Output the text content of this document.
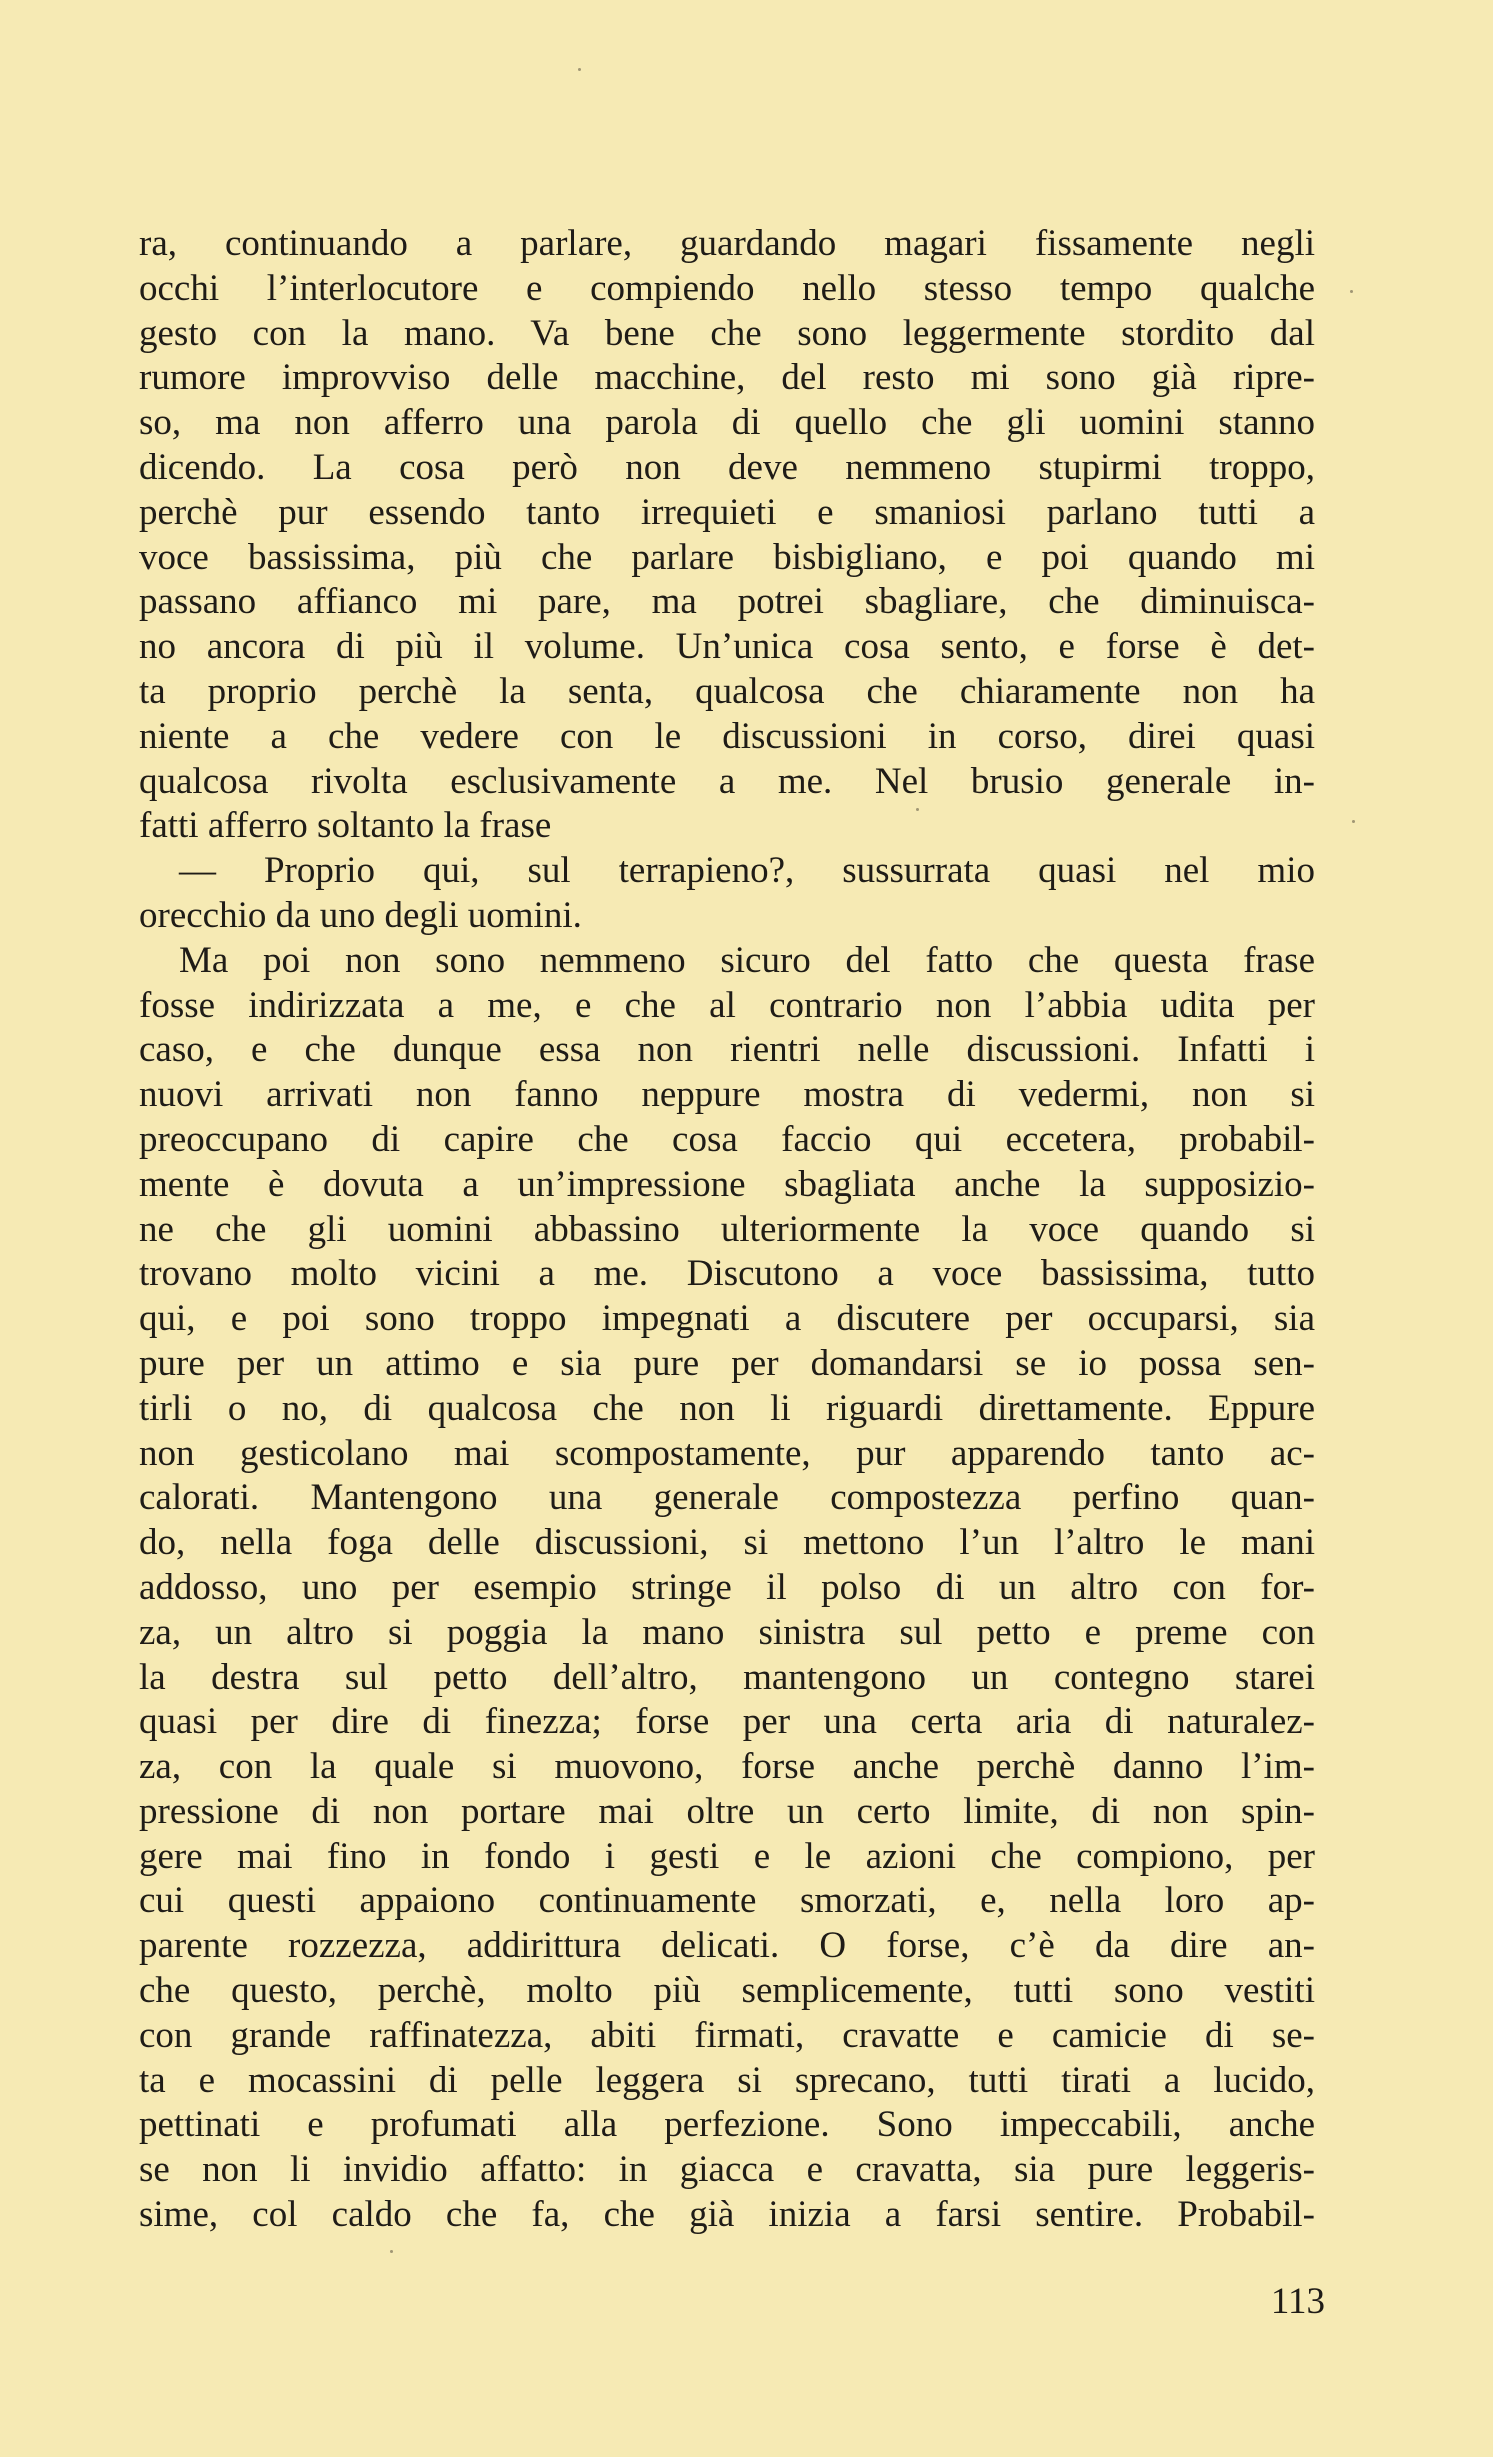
ra, continuando a parlare, guardando magari fissamente negli
occhi l’interlocutore e compiendo nello stesso tempo qualche
gesto con la mano. Va bene che sono leggermente stordito dal
rumore improvviso delle macchine, del resto mi sono già ripre-
so, ma non afferro una parola di quello che gli uomini stanno
dicendo. La cosa però non deve nemmeno stupirmi troppo,
perchè pur essendo tanto irrequieti e smaniosi parlano tutti a
voce bassissima, più che parlare bisbigliano, e poi quando mi
passano affianco mi pare, ma potrei sbagliare, che diminuisca-
no ancora di più il volume. Un’unica cosa sento, e forse è det-
ta proprio perchè la senta, qualcosa che chiaramente non ha
niente a che vedere con le discussioni in corso, direi quasi
qualcosa rivolta esclusivamente a me. Nel brusio generale in-
fatti afferro soltanto la frase
— Proprio qui, sul terrapieno?, sussurrata quasi nel mio
orecchio da uno degli uomini.
Ma poi non sono nemmeno sicuro del fatto che questa frase
fosse indirizzata a me, e che al contrario non l’abbia udita per
caso, e che dunque essa non rientri nelle discussioni. Infatti i
nuovi arrivati non fanno neppure mostra di vedermi, non si
preoccupano di capire che cosa faccio qui eccetera, probabil-
mente è dovuta a un’impressione sbagliata anche la supposizio-
ne che gli uomini abbassino ulteriormente la voce quando si
trovano molto vicini a me. Discutono a voce bassissima, tutto
qui, e poi sono troppo impegnati a discutere per occuparsi, sia
pure per un attimo e sia pure per domandarsi se io possa sen-
tirli o no, di qualcosa che non li riguardi direttamente. Eppure
non gesticolano mai scompostamente, pur apparendo tanto ac-
calorati. Mantengono una generale compostezza perfino quan-
do, nella foga delle discussioni, si mettono l’un l’altro le mani
addosso, uno per esempio stringe il polso di un altro con for-
za, un altro si poggia la mano sinistra sul petto e preme con
la destra sul petto dell’altro, mantengono un contegno starei
quasi per dire di finezza; forse per una certa aria di naturalez-
za, con la quale si muovono, forse anche perchè danno l’im-
pressione di non portare mai oltre un certo limite, di non spin-
gere mai fino in fondo i gesti e le azioni che compiono, per
cui questi appaiono continuamente smorzati, e, nella loro ap-
parente rozzezza, addirittura delicati. O forse, c’è da dire an-
che questo, perchè, molto più semplicemente, tutti sono vestiti
con grande raffinatezza, abiti firmati, cravatte e camicie di se-
ta e mocassini di pelle leggera si sprecano, tutti tirati a lucido,
pettinati e profumati alla perfezione. Sono impeccabili, anche
se non li invidio affatto: in giacca e cravatta, sia pure leggeris-
sime, col caldo che fa, che già inizia a farsi sentire. Probabil-
113
